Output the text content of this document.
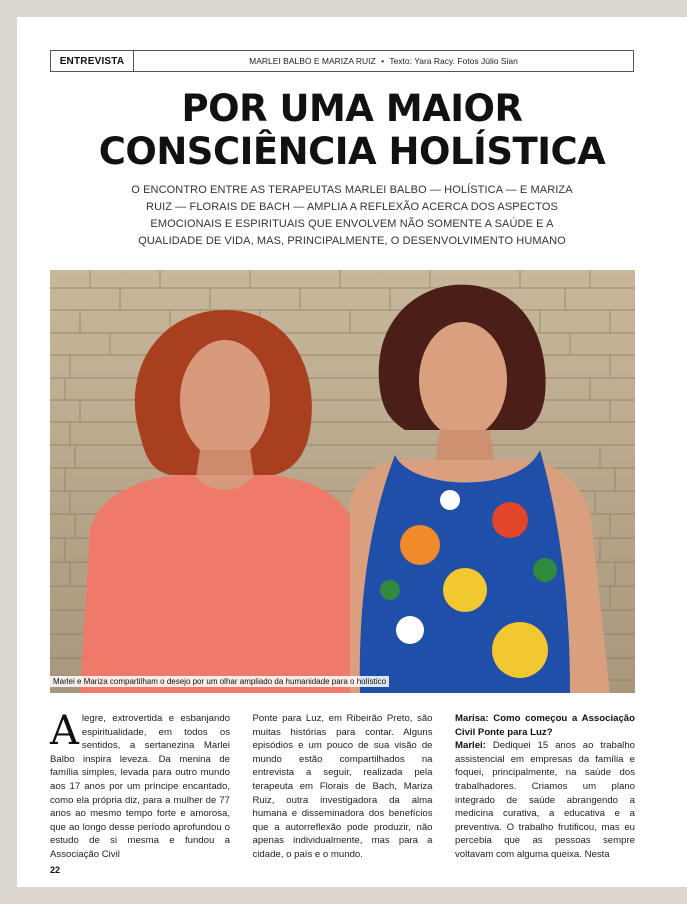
ENTREVISTA	MARLEI BALBO E MARIZA RUIZ • Texto: Yara Racy. Fotos Júlio Sian
POR UMA MAIOR
CONSCIÊNCIA HOLÍSTICA
O ENCONTRO ENTRE AS TERAPEUTAS MARLEI BALBO — HOLÍSTICA — E MARIZA RUIZ — FLORAIS DE BACH — AMPLIA A REFLEXÃO ACERCA DOS ASPECTOS EMOCIONAIS E ESPIRITUAIS QUE ENVOLVEM NÃO SOMENTE A SAÚDE E A QUALIDADE DE VIDA, MAS, PRINCIPALMENTE, O DESENVOLVIMENTO HUMANO
Marlei e Mariza compartilham o desejo por um olhar ampliado da humanidade para o holístico
Alegre, extrovertida e esbanjando espiritualidade, em todos os sentidos, a sertanezina Marlei Balbo inspira leveza. Da menina de família simples, levada para outro mundo aos 17 anos por um príncipe encantado, como ela própria diz, para a mulher de 77 anos ao mesmo tempo forte e amorosa, que ao longo desse período aprofundou o estudo de si mesma e fundou a Associação Civil
Ponte para Luz, em Ribeirão Preto, são muitas histórias para contar. Alguns episódios e um pouco de sua visão de mundo estão compartilhados na entrevista a seguir, realizada pela terapeuta em Florais de Bach, Mariza Ruiz, outra investigadora da alma humana e disseminadora dos benefícios que a autorreflexão pode produzir, não apenas individualmente, mas para a cidade, o país e o mundo.
Marisa: Como começou a Associação Civil Ponte para Luz?
Marlei: Dediquei 15 anos ao trabalho assistencial em empresas da família e foquei, principalmente, na saúde dos trabalhadores. Criamos um plano integrado de saúde abrangendo a medicina curativa, a educativa e a preventiva. O trabalho frutificou, mas eu percebia que as pessoas sempre voltavam com alguma queixa. Nesta
22
